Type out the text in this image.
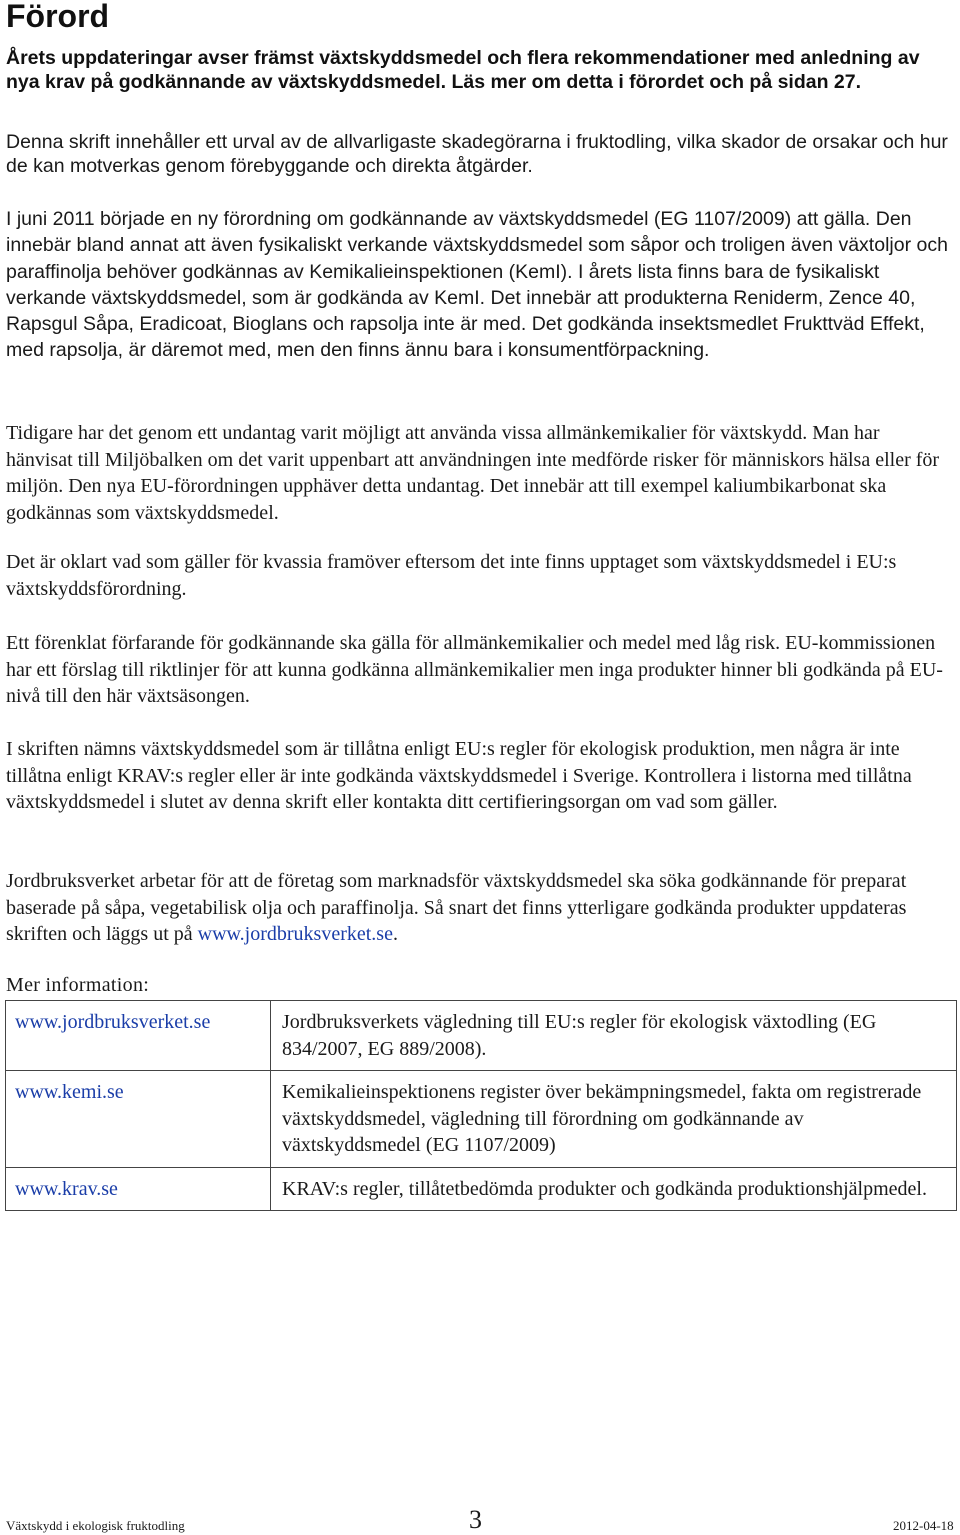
Förord

Årets uppdateringar avser främst växtskyddsmedel och flera rekommendationer med anledning av nya krav på godkännande av växtskyddsmedel. Läs mer om detta i förordet och på sidan 27.

Denna skrift innehåller ett urval av de allvarligaste skadegörarna i fruktodling, vilka skador de orsakar och hur de kan motverkas genom förebyggande och direkta åtgärder.

I juni 2011 började en ny förordning om godkännande av växtskyddsmedel (EG 1107/2009) att gälla. Den innebär bland annat att även fysikaliskt verkande växtskyddsmedel som såpor och troligen även växtoljor och paraffinolja behöver godkännas av Kemikalieinspektionen (KemI). I årets lista finns bara de fysikaliskt verkande växtskyddsmedel, som är godkända av KemI. Det innebär att produkterna Reniderm, Zence 40, Rapsgul Såpa, Eradicoat, Bioglans och rapsolja inte är med. Det godkända insektsmedlet Frukttväd Effekt, med rapsolja, är däremot med, men den finns ännu bara i konsumentförpackning.

Tidigare har det genom ett undantag varit möjligt att använda vissa allmänkemikalier för växtskydd. Man har hänvisat till Miljöbalken om det varit uppenbart att användningen inte medförde risker för människors hälsa eller för miljön. Den nya EU-förordningen upphäver detta undantag. Det innebär att till exempel kaliumbikarbonat ska godkännas som växtskyddsmedel.

Det är oklart vad som gäller för kvassia framöver eftersom det inte finns upptaget som växtskyddsmedel i EU:s växtskyddsförordning.

Ett förenklat förfarande för godkännande ska gälla för allmänkemikalier och medel med låg risk. EU-kommissionen har ett förslag till riktlinjer för att kunna godkänna allmänkemikalier men inga produkter hinner bli godkända på EU-nivå till den här växtsäsongen.

I skriften nämns växtskyddsmedel som är tillåtna enligt EU:s regler för ekologisk produktion, men några är inte tillåtna enligt KRAV:s regler eller är inte godkända växtskyddsmedel i Sverige. Kontrollera i listorna med tillåtna växtskyddsmedel i slutet av denna skrift eller kontakta ditt certifieringsorgan om vad som gäller.

Jordbruksverket arbetar för att de företag som marknadsför växtskyddsmedel ska söka godkännande för preparat baserade på såpa, vegetabilisk olja och paraffinolja. Så snart det finns ytterligare godkända produkter uppdateras skriften och läggs ut på www.jordbruksverket.se.

Mer information:

www.jordbruksverket.se	Jordbruksverkets vägledning till EU:s regler för ekologisk växtodling (EG 834/2007, EG 889/2008).
www.kemi.se	Kemikalieinspektionens register över bekämpningsmedel, fakta om registrerade växtskyddsmedel, vägledning till förordning om godkännande av växtskyddsmedel (EG 1107/2009)
www.krav.se	KRAV:s regler, tillåtetbedömda produkter och godkända produktionshjälpmedel.
Växtskydd i ekologisk fruktodling	3	2012-04-18
